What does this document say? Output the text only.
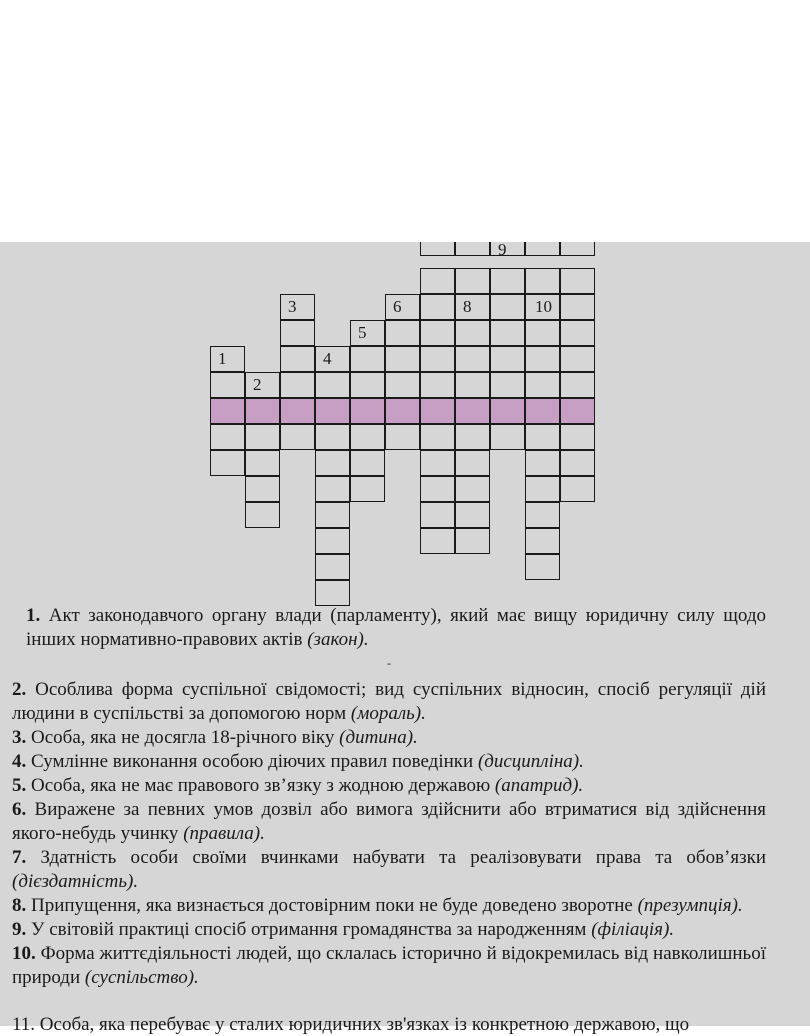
1
2
3
4
5
6	8
9
10

1. Акт законодавчого органу влади (парламенту), який має вищу юридичну силу щодо інших нормативно-правових актів (закон).

-

2. Особлива форма суспільної свідомості; вид суспільних відносин, спосіб регуляції дій людини в суспільстві за допомогою норм (мораль).

3. Особа, яка не досягла 18-річного віку (дитина).

4. Сумлінне виконання особою діючих правил поведінки (дисципліна).

5. Особа, яка не має правового зв’язку з жодною державою (апатрид).

6. Виражене за певних умов дозвіл або вимога здійснити або втриматися від здійснення якого-небудь учинку (правила).

7. Здатність особи своїми вчинками набувати та реалізовувати права та обов’язки (дієздатність).

8. Припущення, яка визнається достовірним поки не буде доведено зворотне (презумпція).

9. У світовій практиці спосіб отримання громадянства за народженням (філіація).

10. Форма життєдіяльності людей, що склалась історично й відокремилась від навколишньої природи (суспільство).

11. Особа, яка перебуває у сталих юридичних зв'язках із конкретною державою, що
